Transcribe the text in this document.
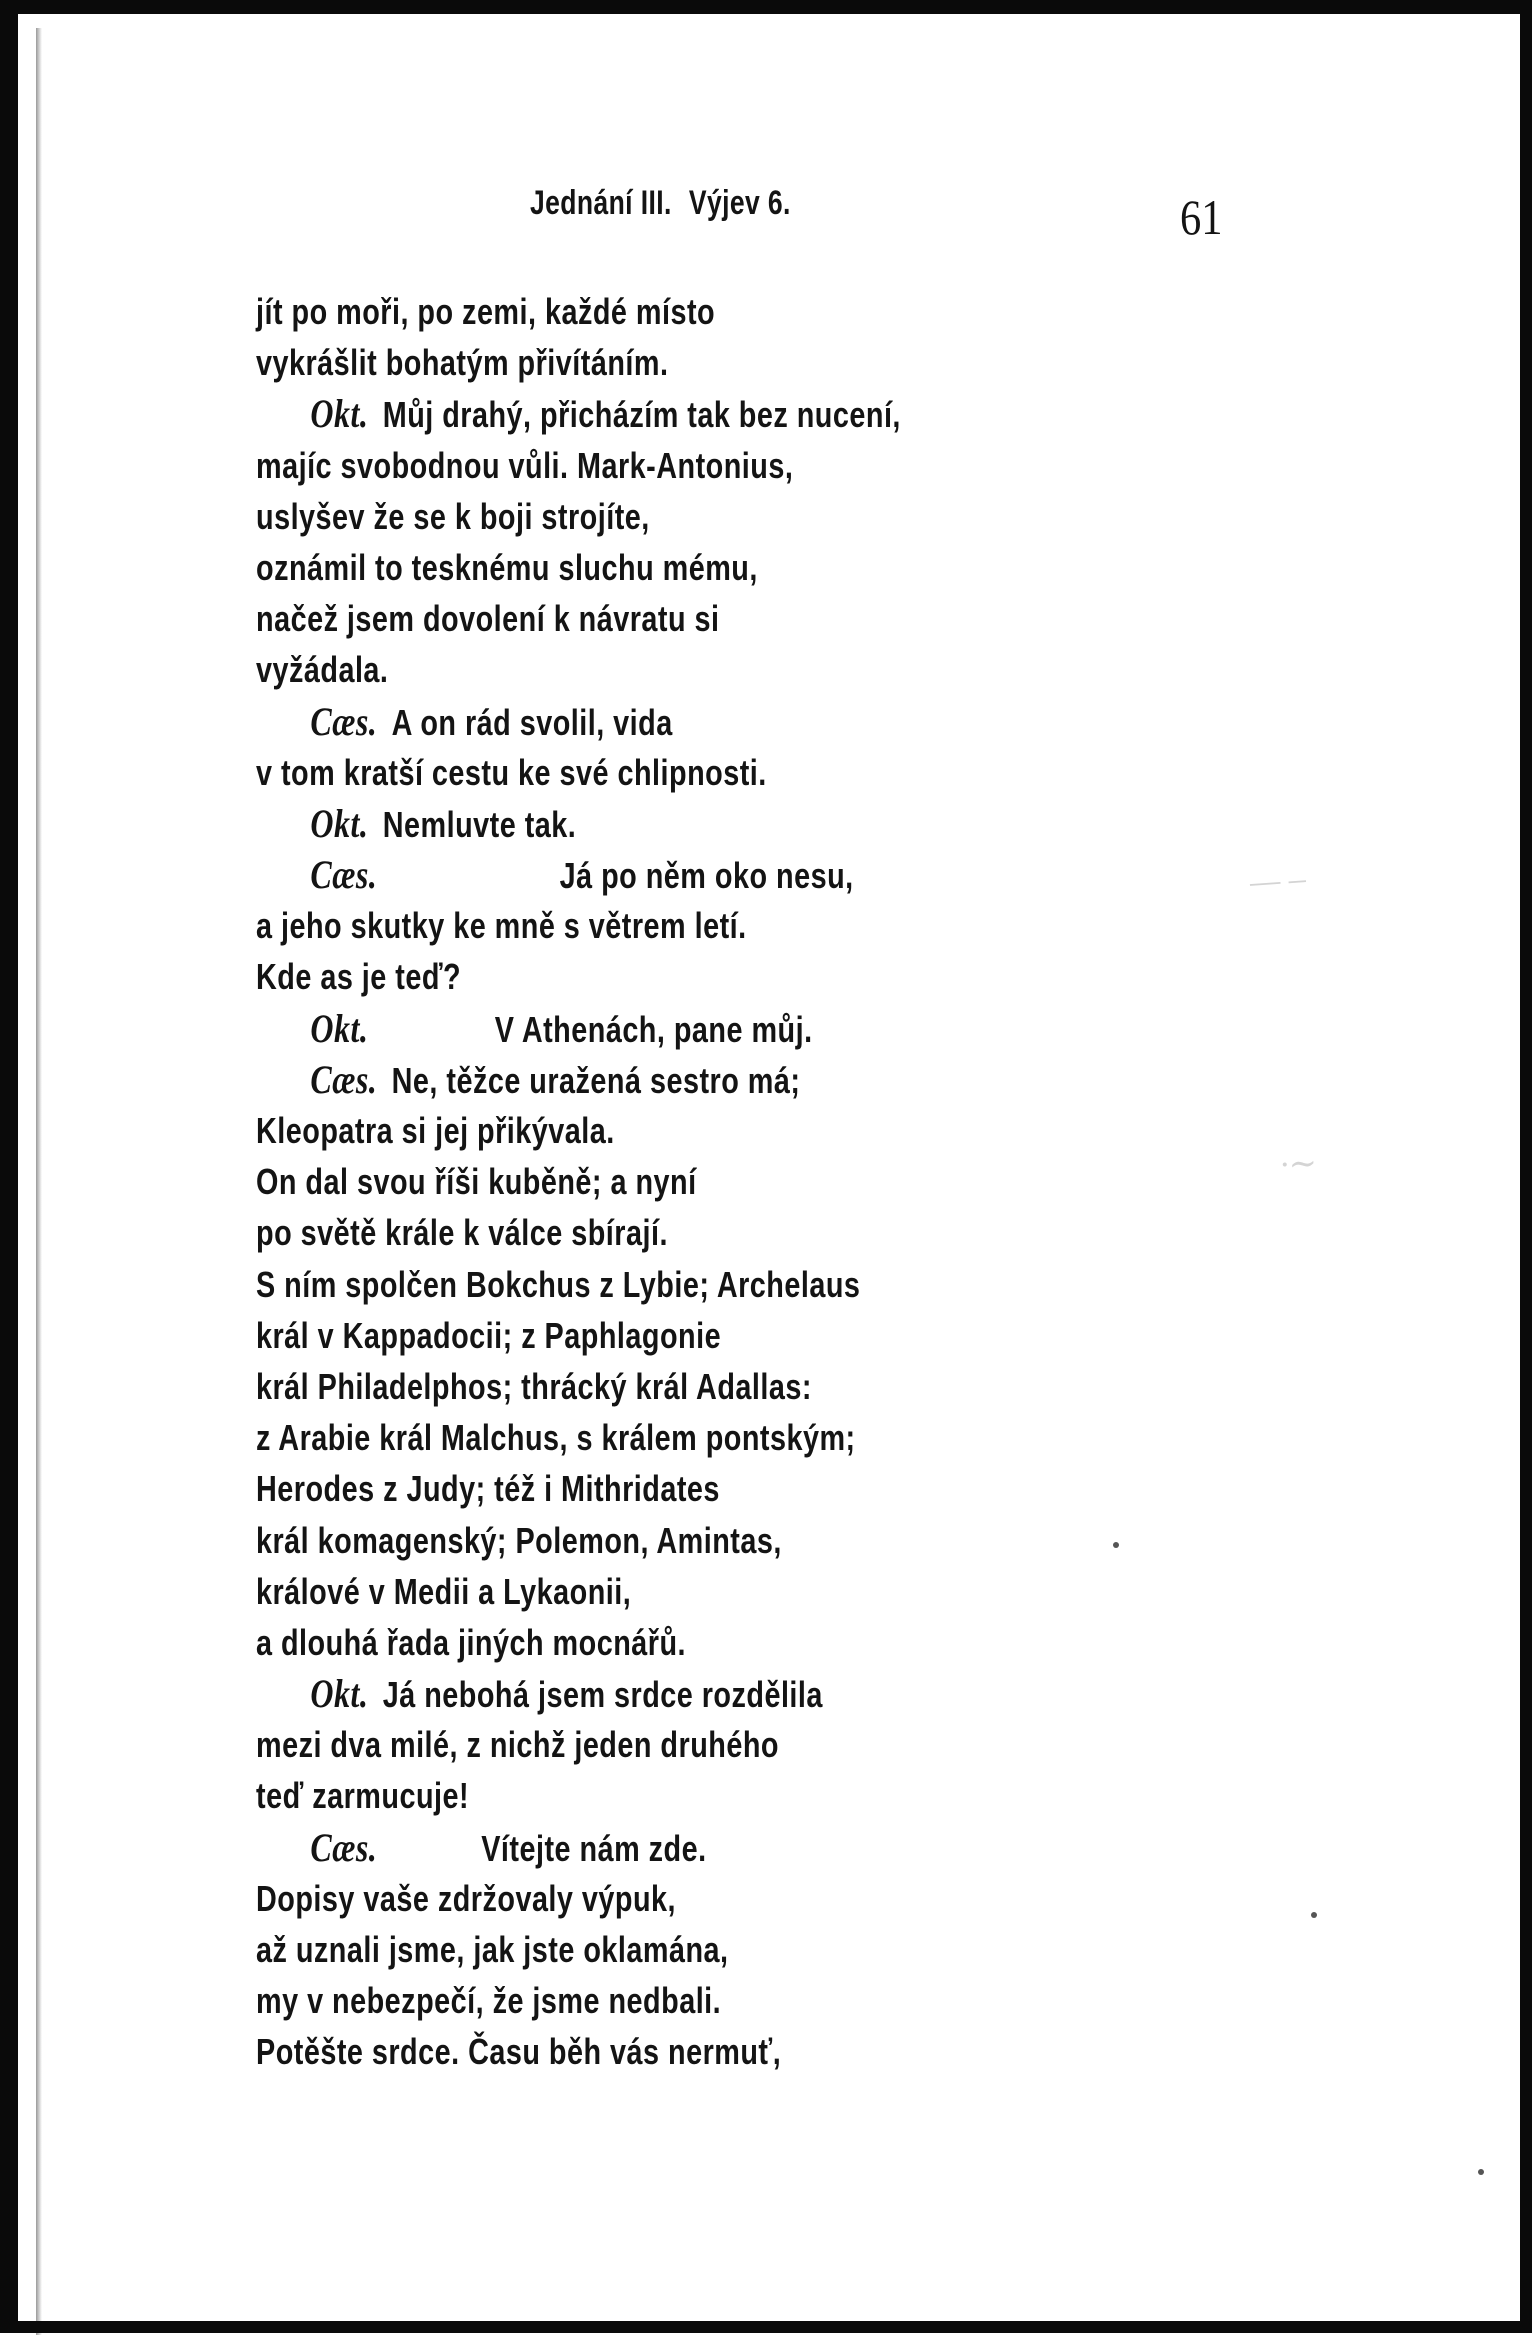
Jednání III. Výjev 6.	61
jít po moři, po zemi, každé místo
vykrášlit bohatým přivítáním.
Okt. Můj drahý, přicházím tak bez nucení,
majíc svobodnou vůli. Mark-Antonius,
uslyšev že se k boji strojíte,
oznámil to tesknému sluchu mému,
načež jsem dovolení k návratu si
vyžádala.
Cæs. A on rád svolil, vida
v tom kratší cestu ke své chlipnosti.
Okt. Nemluvte tak.
Cæs.	Já po něm oko nesu,
a jeho skutky ke mně s větrem letí.
Kde as je teď?
Okt.	V Athenách, pane můj.
Cæs. Ne, těžce uražená sestro má;
Kleopatra si jej přikývala.
On dal svou říši kuběně; a nyní
po světě krále k válce sbírají.
S ním spolčen Bokchus z Lybie; Archelaus
král v Kappadocii; z Paphlagonie
král Philadelphos; thrácký král Adallas:
z Arabie král Malchus, s králem pontským;
Herodes z Judy; též i Mithridates
král komagenský; Polemon, Amintas,
králové v Medii a Lykaonii,
a dlouhá řada jiných mocnářů.
Okt. Já nebohá jsem srdce rozdělila
mezi dva milé, z nichž jeden druhého
teď zarmucuje!
Cæs.	Vítejte nám zde.
Dopisy vaše zdržovaly výpuk,
až uznali jsme, jak jste oklamána,
my v nebezpečí, že jsme nedbali.
Potěšte srdce. Času běh vás nermuť,
— –
·∼
